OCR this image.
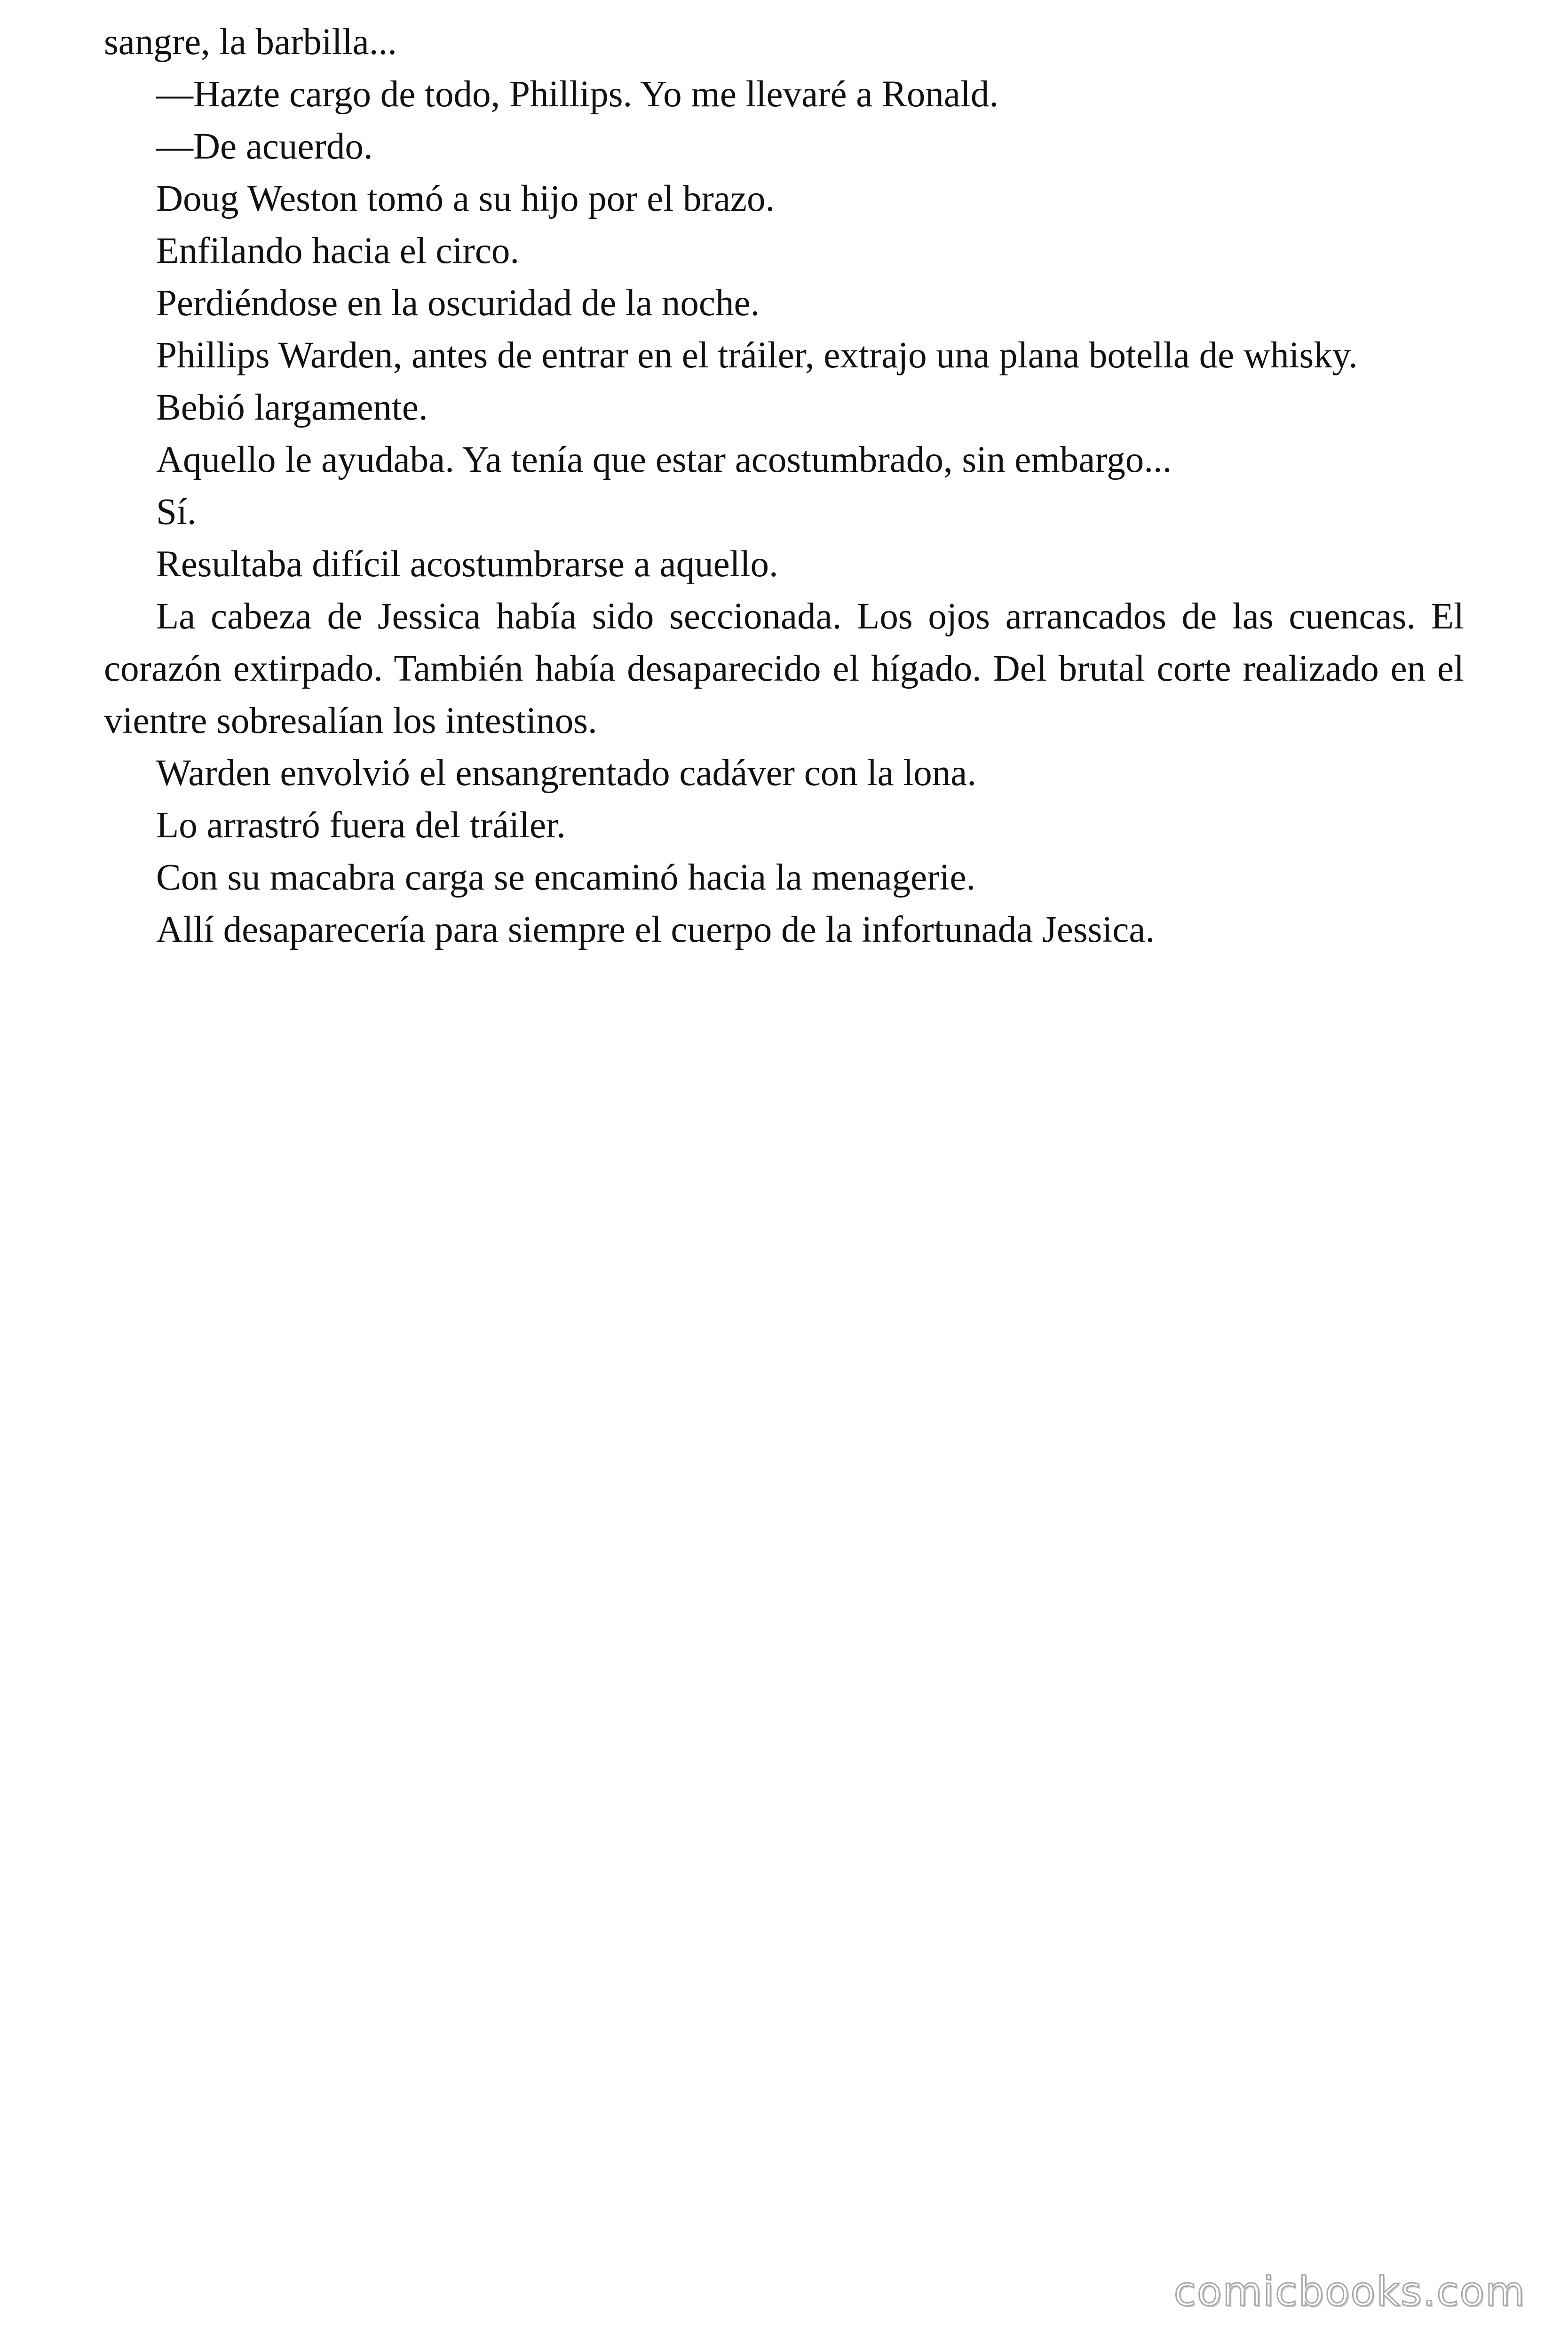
sangre, la barbilla...

—Hazte cargo de todo, Phillips. Yo me llevaré a Ronald.

—De acuerdo.

Doug Weston tomó a su hijo por el brazo.

Enfilando hacia el circo.

Perdiéndose en la oscuridad de la noche.

Phillips Warden, antes de entrar en el tráiler, extrajo una plana botella de whisky.

Bebió largamente.

Aquello le ayudaba. Ya tenía que estar acostumbrado, sin embargo...

Sí.

Resultaba difícil acostumbrarse a aquello.

La cabeza de Jessica había sido seccionada. Los ojos arrancados de las cuencas. El corazón extirpado. También había desaparecido el hígado. Del brutal corte realizado en el vientre sobresalían los intestinos.

Warden envolvió el ensangrentado cadáver con la lona.

Lo arrastró fuera del tráiler.

Con su macabra carga se encaminó hacia la menagerie.

Allí desaparecería para siempre el cuerpo de la infortunada Jessica.

comicbooks.com
